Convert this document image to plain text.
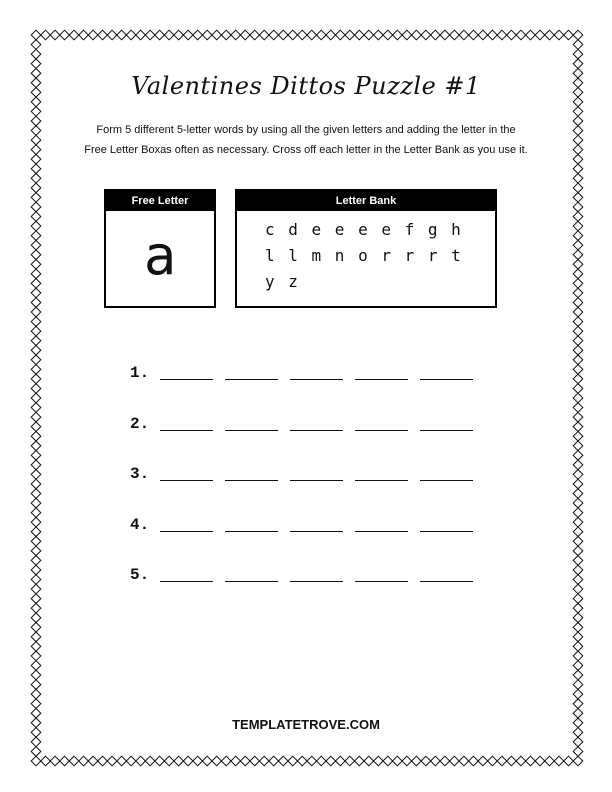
Valentines Dittos Puzzle #1
Form 5 different 5-letter words by using all the given letters and adding the letter in the
Free Letter Boxas often as necessary. Cross off each letter in the Letter Bank as you use it.
Free Letter
a
Letter Bank
c d e e e e f g h
l l m n o r r r t
y z
1.
2.
3.
4.
5.
TEMPLATETROVE.COM
